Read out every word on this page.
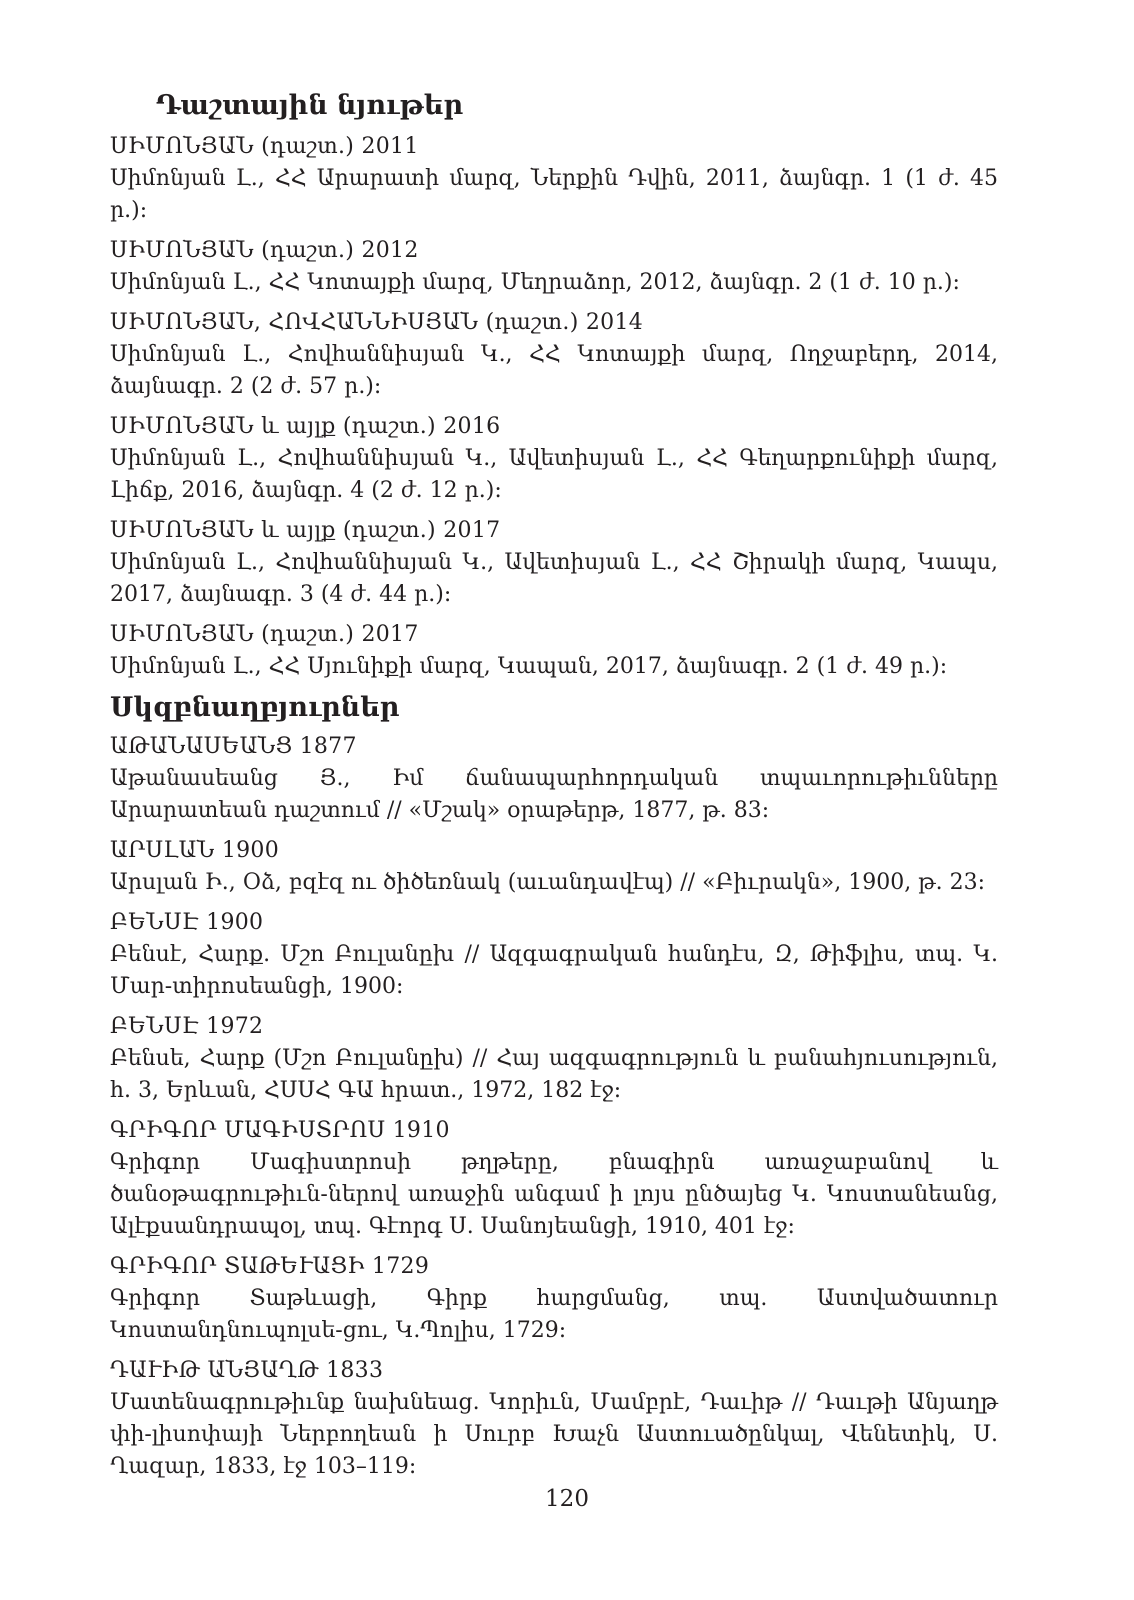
Դաշտային նյութեր
ՍԻՄՈՆՅԱՆ (դաշտ.) 2011
Սիմոնյան Լ., ՀՀ Արարատի մարզ, Ներքին Դվին, 2011, ձայնգր. 1 (1 ժ. 45 ր.):
ՍԻՄՈՆՅԱՆ (դաշտ.) 2012
Սիմոնյան Լ., ՀՀ Կոտայքի մարզ, Մեղրաձոր, 2012, ձայնգր. 2 (1 ժ. 10 ր.):
ՍԻՄՈՆՅԱՆ, ՀՈՎՀԱՆՆԻՍՅԱՆ (դաշտ.) 2014
Սիմոնյան Լ., Հովհաննիսյան Կ., ՀՀ Կոտայքի մարզ, Ողջաբերդ, 2014, ձայնագր. 2 (2 ժ. 57 ր.):
ՍԻՄՈՆՅԱՆ և այլք (դաշտ.) 2016
Սիմոնյան Լ., Հովհաննիսյան Կ., Ավետիսյան Լ., ՀՀ Գեղարքունիքի մարզ, Լիճք, 2016, ձայնգր. 4 (2 ժ. 12 ր.):
ՍԻՄՈՆՅԱՆ և այլք (դաշտ.) 2017
Սիմոնյան Լ., Հովհաննիսյան Կ., Ավետիսյան Լ., ՀՀ Շիրակի մարզ, Կապս, 2017, ձայնագր. 3 (4 ժ. 44 ր.):
ՍԻՄՈՆՅԱՆ (դաշտ.) 2017
Սիմոնյան Լ., ՀՀ Սյունիքի մարզ, Կապան, 2017, ձայնագր. 2 (1 ժ. 49 ր.):
Սկզբնաղբյուրներ
ԱԹԱՆԱՍԵԱՆՑ 1877
Աթանասեանց Յ., Իմ ճանապարհորդական տպաւորութիւնները Արարատեան դաշտում // «Մշակ» օրաթերթ, 1877, թ. 83:
ԱՐՍԼԱՆ 1900
Արսլան Ի., Օձ, բզէզ ու ծիծեռնակ (աւանդավէպ) // «Բիւրակն», 1900, թ. 23:
ԲԵՆՍԷ 1900
Բենսէ, Հարք. Մշո Բուլանըխ // Ազգագրական հանդէս, Զ, Թիֆլիս, տպ. Կ. Մար-տիրոսեանցի, 1900:
ԲԵՆՍԷ 1972
Բենսե, Հարք (Մշո Բուլանըխ) // Հայ ազգագրություն և բանահյուսություն, հ. 3, Երևան, ՀՍՍՀ ԳԱ հրատ., 1972, 182 էջ:
ԳՐԻԳՈՐ ՄԱԳԻՍՏՐՈՍ 1910
Գրիգոր Մագիստրոսի թղթերը, բնագիրն առաջաբանով և ծանօթագրութիւն-ներով առաջին անգամ ի լոյս ընծայեց Կ. Կոստանեանց, Ալէքսանդրապօլ, տպ. Գէորգ Ս. Սանոյեանցի, 1910, 401 էջ:
ԳՐԻԳՈՐ ՏԱԹԵՒԱՑԻ 1729
Գրիգոր Տաթևացի, Գիրք հարցմանց, տպ. Աստվածատուր Կոստանդնուպոլսե-ցու, Կ.Պոլիս, 1729:
ԴԱՒԻԹ ԱՆՅԱՂԹ 1833
Մատենագրութիւնք նախնեաց. Կորիւն, Մամբրէ, Դաւիթ // Դաւթի Անյաղթ փի-լիսոփայի Ներբողեան ի Սուրբ Խաչն Աստուածընկալ, Վենետիկ, Ս. Ղազար, 1833, էջ 103–119:
120
